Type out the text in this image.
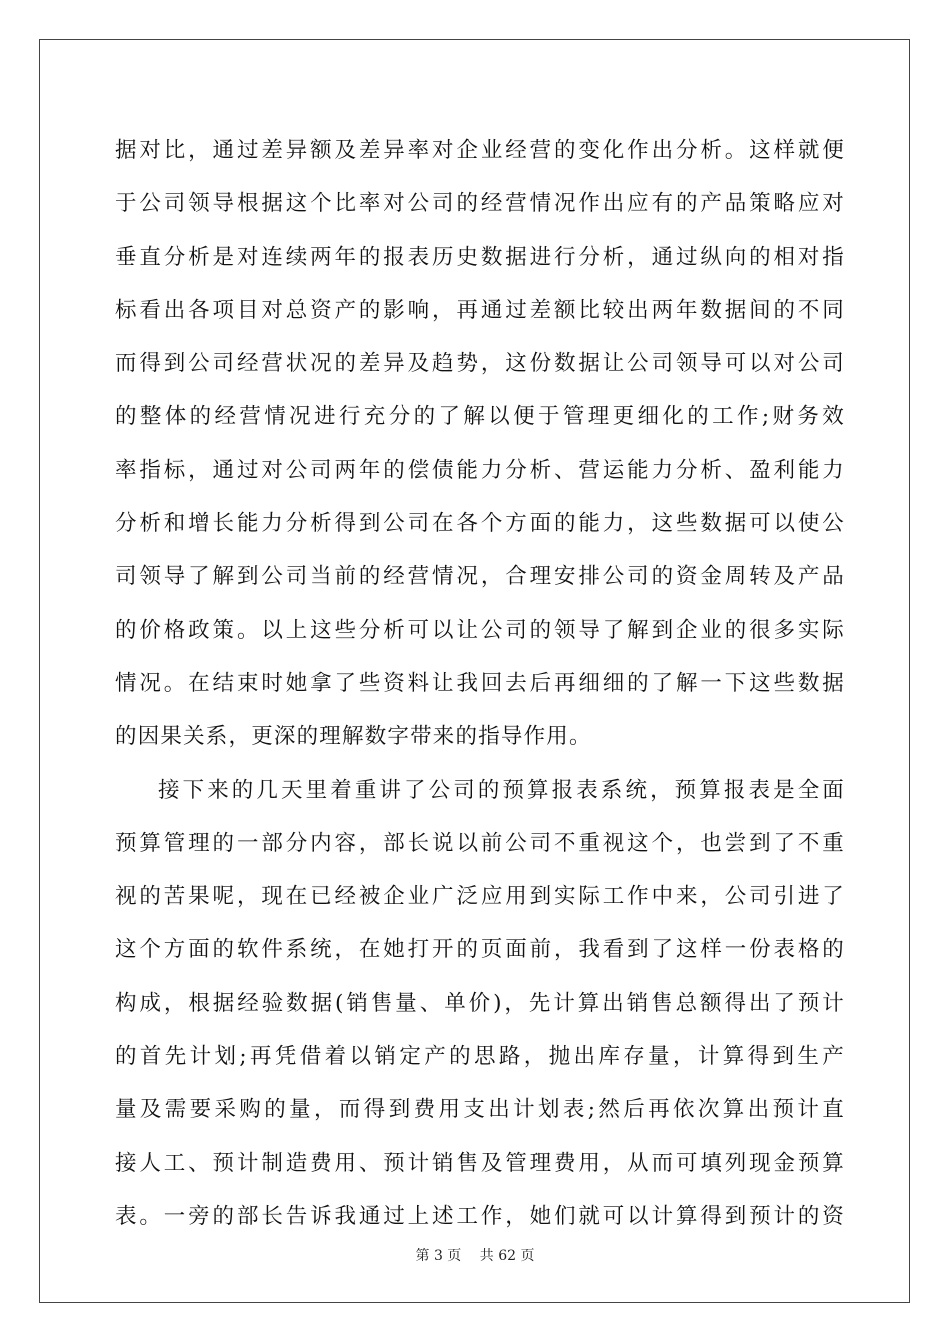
据对比，通过差异额及差异率对企业经营的变化作出分析。这样就便
于公司领导根据这个比率对公司的经营情况作出应有的产品策略应对
垂直分析是对连续两年的报表历史数据进行分析，通过纵向的相对指
标看出各项目对总资产的影响，再通过差额比较出两年数据间的不同
而得到公司经营状况的差异及趋势，这份数据让公司领导可以对公司
的整体的经营情况进行充分的了解以便于管理更细化的工作;财务效
率指标，通过对公司两年的偿债能力分析、营运能力分析、盈利能力
分析和增长能力分析得到公司在各个方面的能力，这些数据可以使公
司领导了解到公司当前的经营情况，合理安排公司的资金周转及产品
的价格政策。以上这些分析可以让公司的领导了解到企业的很多实际
情况。在结束时她拿了些资料让我回去后再细细的了解一下这些数据
的因果关系，更深的理解数字带来的指导作用。
接下来的几天里着重讲了公司的预算报表系统，预算报表是全面
预算管理的一部分内容，部长说以前公司不重视这个，也尝到了不重
视的苦果呢，现在已经被企业广泛应用到实际工作中来，公司引进了
这个方面的软件系统，在她打开的页面前，我看到了这样一份表格的
构成，根据经验数据(销售量、单价)，先计算出销售总额得出了预计
的首先计划;再凭借着以销定产的思路，抛出库存量，计算得到生产
量及需要采购的量，而得到费用支出计划表;然后再依次算出预计直
接人工、预计制造费用、预计销售及管理费用，从而可填列现金预算
表。一旁的部长告诉我通过上述工作，她们就可以计算得到预计的资
第 3 页　 共 62 页
